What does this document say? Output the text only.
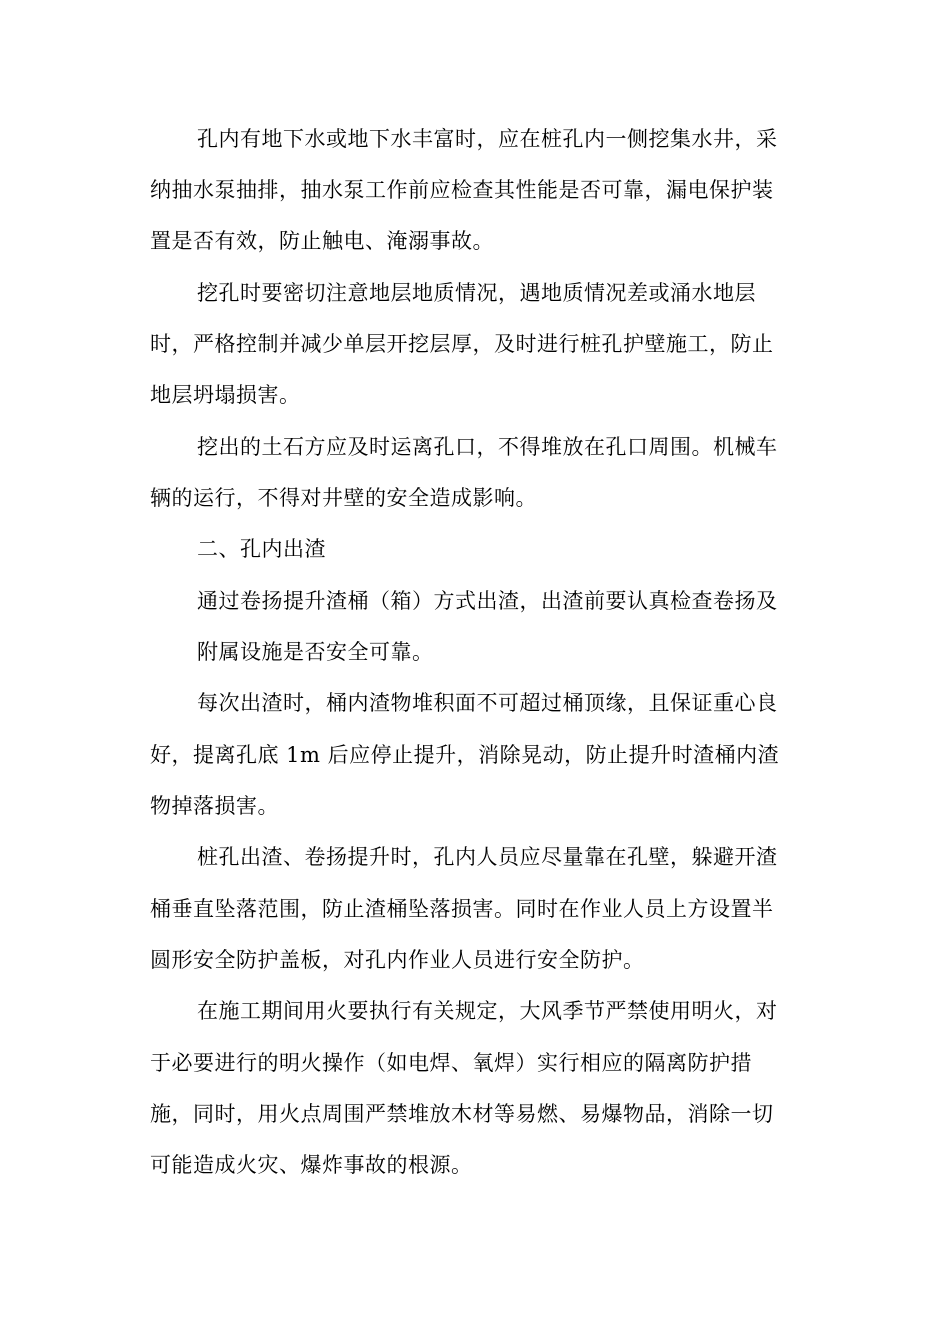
孔内有地下水或地下水丰富时，应在桩孔内一侧挖集水井，采
纳抽水泵抽排，抽水泵工作前应检查其性能是否可靠，漏电保护装
置是否有效，防止触电、淹溺事故。
挖孔时要密切注意地层地质情况，遇地质情况差或涌水地层
时，严格控制并减少单层开挖层厚，及时进行桩孔护壁施工，防止
地层坍塌损害。
挖出的土石方应及时运离孔口，不得堆放在孔口周围。机械车
辆的运行，不得对井壁的安全造成影响。
二、孔内出渣
通过卷扬提升渣桶（箱）方式出渣，出渣前要认真检查卷扬及
附属设施是否安全可靠。
每次出渣时，桶内渣物堆积面不可超过桶顶缘，且保证重心良
好，提离孔底 1m 后应停止提升，消除晃动，防止提升时渣桶内渣
物掉落损害。
桩孔出渣、卷扬提升时，孔内人员应尽量靠在孔壁，躲避开渣
桶垂直坠落范围，防止渣桶坠落损害。同时在作业人员上方设置半
圆形安全防护盖板，对孔内作业人员进行安全防护。
在施工期间用火要执行有关规定，大风季节严禁使用明火，对
于必要进行的明火操作（如电焊、氧焊）实行相应的隔离防护措
施，同时，用火点周围严禁堆放木材等易燃、易爆物品，消除一切
可能造成火灾、爆炸事故的根源。
